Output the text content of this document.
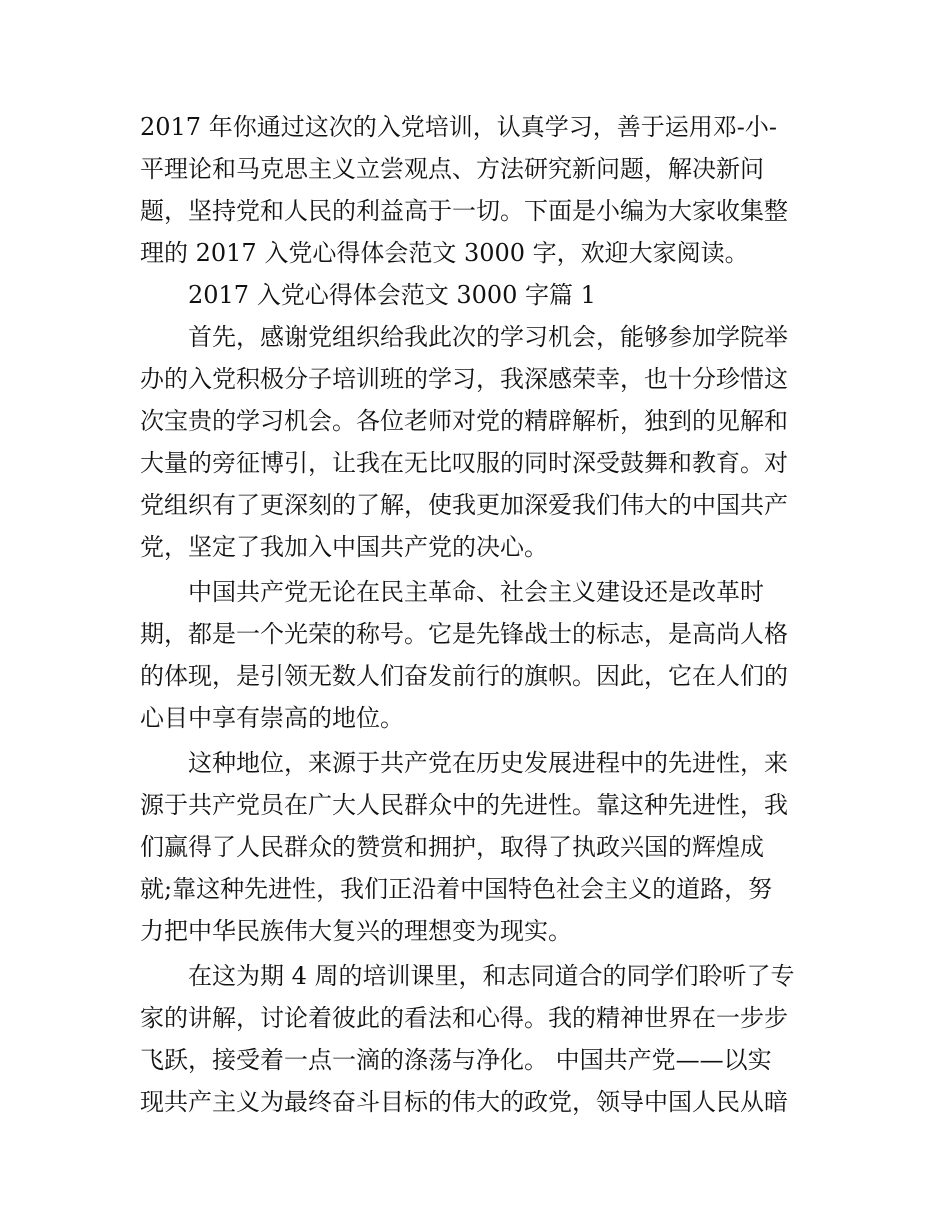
2017 年你通过这次的入党培训，认真学习，善于运用邓-小-
平理论和马克思主义立尝观点、方法研究新问题，解决新问
题，坚持党和人民的利益高于一切。下面是小编为大家收集整
理的 2017 入党心得体会范文 3000 字，欢迎大家阅读。
2017 入党心得体会范文 3000 字篇 1
首先，感谢党组织给我此次的学习机会，能够参加学院举
办的入党积极分子培训班的学习，我深感荣幸，也十分珍惜这
次宝贵的学习机会。各位老师对党的精辟解析，独到的见解和
大量的旁征博引，让我在无比叹服的同时深受鼓舞和教育。对
党组织有了更深刻的了解，使我更加深爱我们伟大的中国共产
党，坚定了我加入中国共产党的决心。
中国共产党无论在民主革命、社会主义建设还是改革时
期，都是一个光荣的称号。它是先锋战士的标志，是高尚人格
的体现，是引领无数人们奋发前行的旗帜。因此，它在人们的
心目中享有崇高的地位。
这种地位，来源于共产党在历史发展进程中的先进性，来
源于共产党员在广大人民群众中的先进性。靠这种先进性，我
们赢得了人民群众的赞赏和拥护，取得了执政兴国的辉煌成
就;靠这种先进性，我们正沿着中国特色社会主义的道路，努
力把中华民族伟大复兴的理想变为现实。
在这为期 4 周的培训课里，和志同道合的同学们聆听了专
家的讲解，讨论着彼此的看法和心得。我的精神世界在一步步
飞跃，接受着一点一滴的涤荡与净化。 中国共产党——以实
现共产主义为最终奋斗目标的伟大的政党，领导中国人民从暗
